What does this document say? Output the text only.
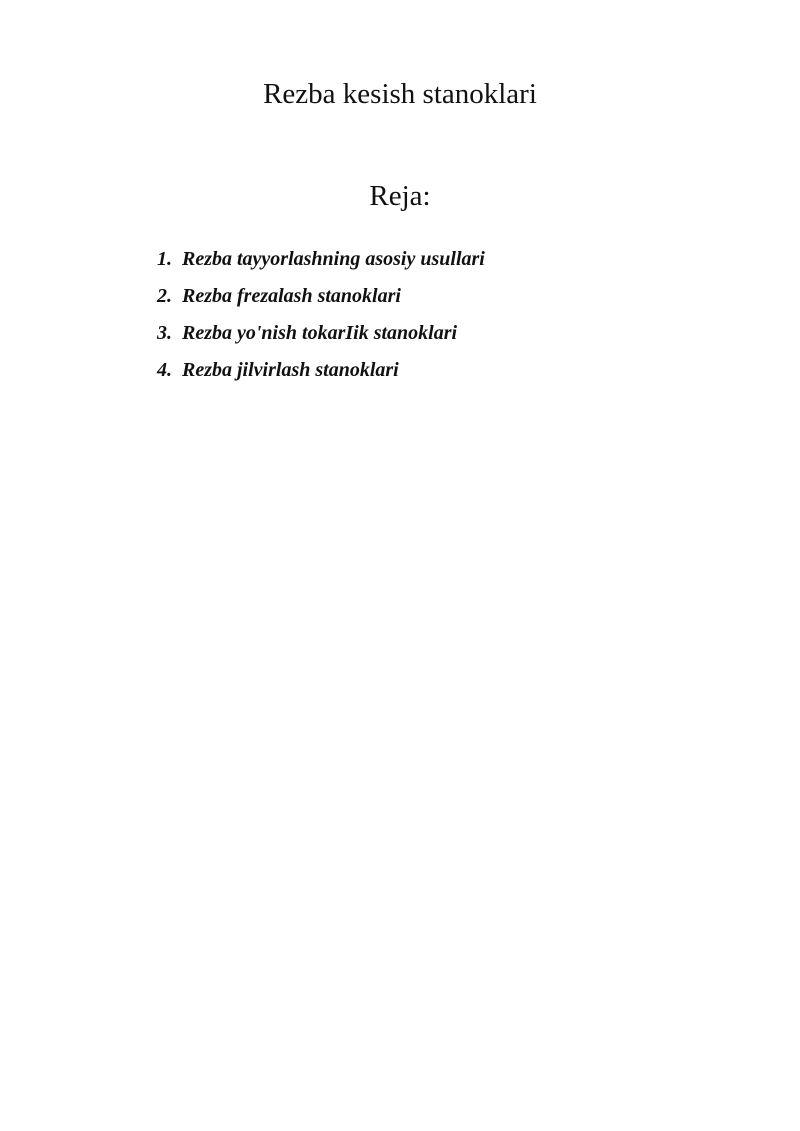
Rezba kesish stanoklari
Reja:
1. Rezba tayyorlashning asosiy usullari
2. Rezba frezalash stanoklari
3. Rezba yo'nish tokarIik stanoklari
4. Rezba jilvirlash stanoklari
